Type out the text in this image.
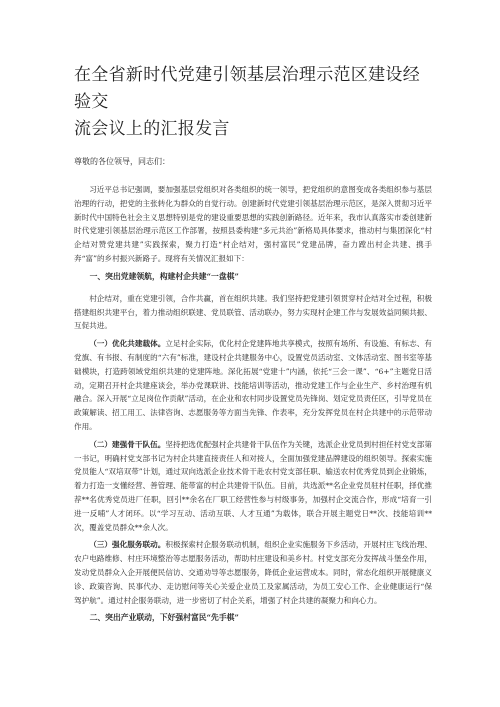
在全省新时代党建引领基层治理示范区建设经验交
流会议上的汇报发言

尊敬的各位领导，同志们：

习近平总书记强调，要加强基层党组织对各类组织的统一领导，把党组织的意图变成各类组织参与基层治理的行动，把党的主张转化为群众的自觉行动。创建新时代党建引领基层治理示范区，是深入贯彻习近平新时代中国特色社会主义思想特别是党的建设重要思想的实践创新路径。近年来，我市认真落实市委创建新时代党建引领基层治理示范区工作部署，按照县委构建“多元共治”新格局具体要求，推动村与集团深化“村企结对赞党建共建”实践探索，聚力打造“村企结对，强村富民”党建品牌，奋力蹚出村企共建、携手奔“富”的乡村振兴新路子。现将有关情况汇报如下：

一、突出党建领航，构建村企共建“一盘棋”

村企结对，重在党建引领，合作共赢，首在组织共建。我们坚持把党建引领贯穿村企结对全过程，积极搭建组织共建平台，着力推动组织联建、党员联管、活动联办，努力实现村企建工作与发展效益同频共振、互促共进。

（一）优化共建载体。立足村企实际，优化村企党建阵地共享模式，按照有场所、有设施、有标志、有党旗、有书报、有制度的“六有”标准，建设村企共建服务中心，设置党员活动室、文体活动室、图书室等基础模块，打造跨领域党组织共建的党建阵地。深化拓展“党建十”内涵，依托“三会一课”、“6+”主题党日活动，定期召开村企共建座谈会，举办党课联讲、技能培训等活动，推动党建工作与企业生产、乡村治理有机融合。深入开展“立足岗位作贡献”活动，在企业和农村同步设置党员先锋岗、划定党员责任区，引导党员在政策解读、招工用工、法律咨询、志愿服务等方面当先锋、作表率，充分发挥党员在村企共建中的示范带动作用。

（二）建强骨干队伍。坚持把选优配强村企共建骨干队伍作为关键，选派企业党员到村担任村党支部第一书记，明确村党支部书记为村企共建直接责任人和对接人，全面加强党建品牌建设的组织领导。探索实施党员能人“双培双带”计划，通过双向选派企业技术骨干赴农村党支部任职、输送农村优秀党员到企业锻炼，着力打造一支懂经营、善管理、能带富的村企共建骨干队伍。目前，共选派**名企业党员驻村任职，择优推荐**名优秀党员进厂任职，回引**余名在厂职工经营性参与村级事务，加强村企交流合作，形成“培育一引进一反哺”人才闭环。以“学习互动、活动互联、人才互通”为载体，联合开展主题党日**次、技能培训**次，覆盖党员群众**余人次。

（三）强化服务联动。积极探索村企服务联动机制，组织企业实施服务下乡活动，开展村庄飞线治理、农户电路维修、村庄环境整治等志愿服务活动，帮助村庄建设和美乡村。村党支部充分发挥战斗堡垒作用，发动党员群众入企开展便民信访、交通劝导等志愿服务，降低企业运营成本。同时，常态化组织开展健康义诊、政策咨询、民事代办、走访慰问等关心关爱企业员工及家属活动，为员工安心工作、企业健康运行“保驾护航”。通过村企服务联动，进一步密切了村企关系，增强了村企共建的凝聚力和向心力。

二、突出产业联动，下好强村富民“先手棋”
